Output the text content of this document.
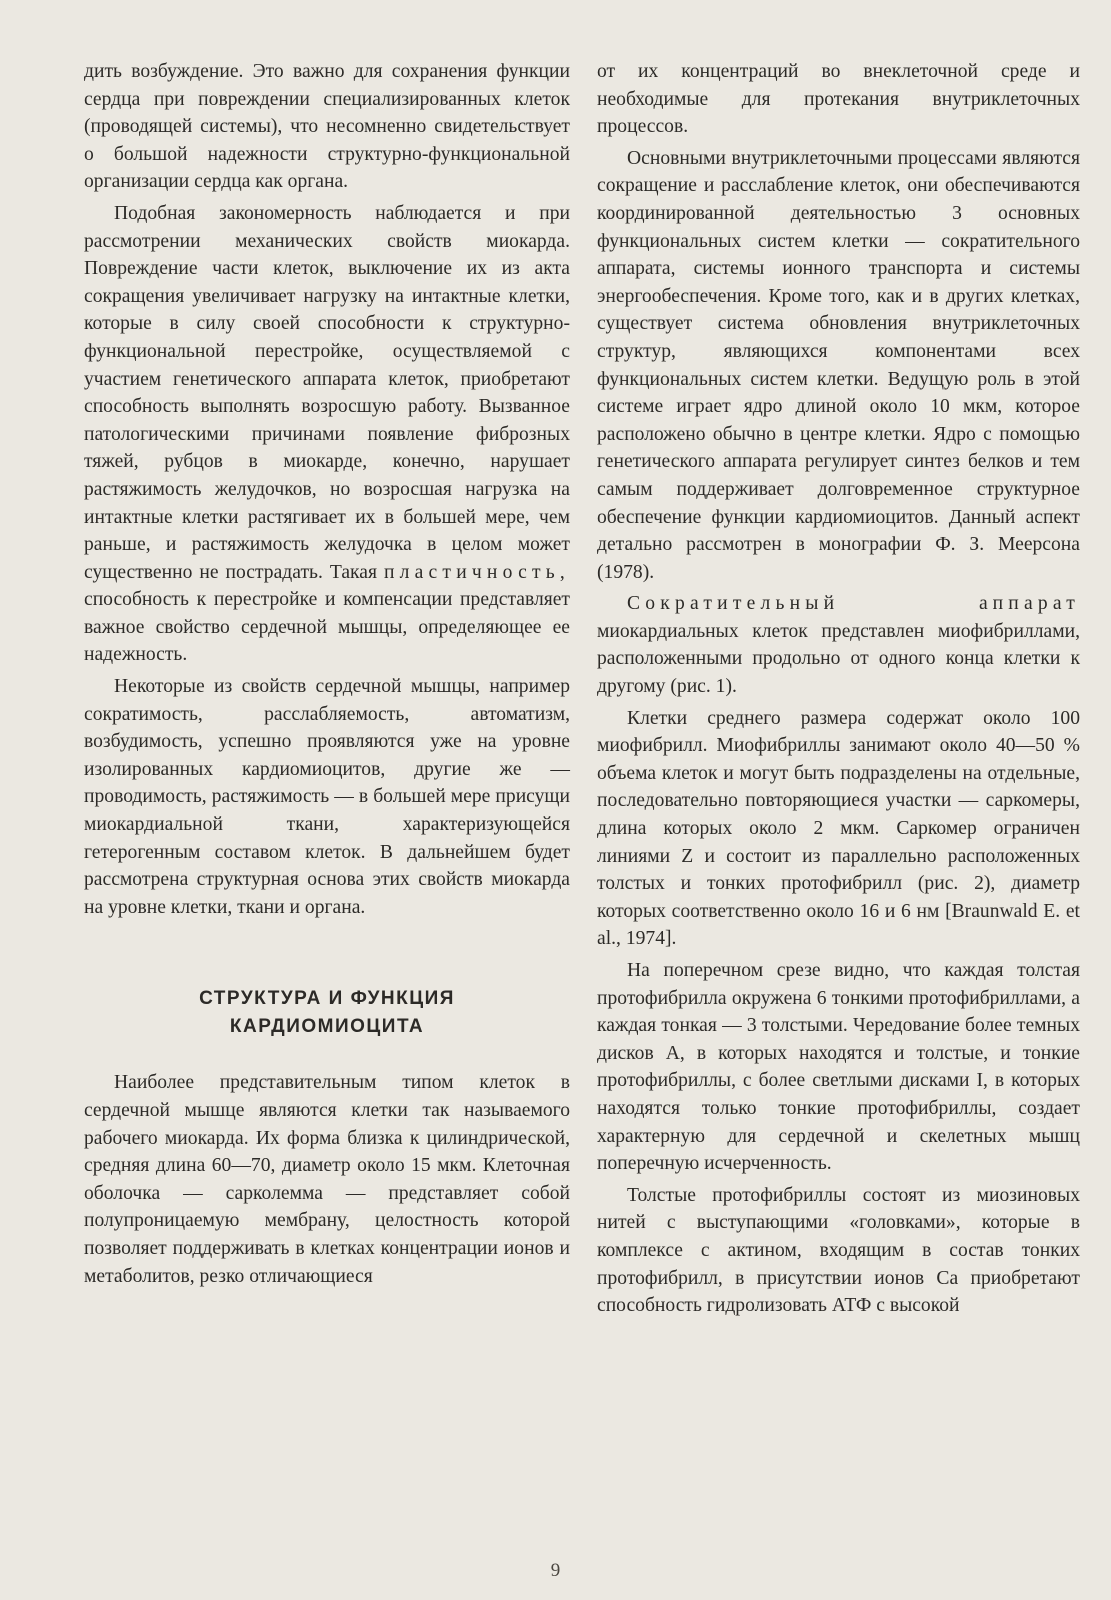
дить возбуждение. Это важно для сохранения функции сердца при повреждении специализированных клеток (проводящей системы), что несомненно свидетельствует о большой надежности структурно-функциональной организации сердца как органа.

Подобная закономерность наблюдается и при рассмотрении механических свойств миокарда. Повреждение части клеток, выключение их из акта сокращения увеличивает нагрузку на интактные клетки, которые в силу своей способности к структурно-функциональной перестройке, осуществляемой с участием генетического аппарата клеток, приобретают способность выполнять возросшую работу. Вызванное патологическими причинами появление фиброзных тяжей, рубцов в миокарде, конечно, нарушает растяжимость желудочков, но возросшая нагрузка на интактные клетки растягивает их в большей мере, чем раньше, и растяжимость желудочка в целом может существенно не пострадать. Такая пластичность, способность к перестройке и компенсации представляет важное свойство сердечной мышцы, определяющее ее надежность.

Некоторые из свойств сердечной мышцы, например сократимость, расслабляемость, автоматизм, возбудимость, успешно проявляются уже на уровне изолированных кардиомиоцитов, другие же — проводимость, растяжимость — в большей мере присущи миокардиальной ткани, характеризующейся гетерогенным составом клеток. В дальнейшем будет рассмотрена структурная основа этих свойств миокарда на уровне клетки, ткани и органа.

СТРУКТУРА И ФУНКЦИЯ
КАРДИОМИОЦИТА

Наиболее представительным типом клеток в сердечной мышце являются клетки так называемого рабочего миокарда. Их форма близка к цилиндрической, средняя длина 60—70, диаметр около 15 мкм. Клеточная оболочка — сарколемма — представляет собой полупроницаемую мембрану, целостность которой позволяет поддерживать в клетках концентрации ионов и метаболитов, резко отличающиеся

от их концентраций во внеклеточной среде и необходимые для протекания внутриклеточных процессов.

Основными внутриклеточными процессами являются сокращение и расслабление клеток, они обеспечиваются координированной деятельностью 3 основных функциональных систем клетки — сократительного аппарата, системы ионного транспорта и системы энергообеспечения. Кроме того, как и в других клетках, существует система обновления внутриклеточных структур, являющихся компонентами всех функциональных систем клетки. Ведущую роль в этой системе играет ядро длиной около 10 мкм, которое расположено обычно в центре клетки. Ядро с помощью генетического аппарата регулирует синтез белков и тем самым поддерживает долговременное структурное обеспечение функции кардиомиоцитов. Данный аспект детально рассмотрен в монографии Ф. З. Меерсона (1978).

Сократительный аппарат миокардиальных клеток представлен миофибриллами, расположенными продольно от одного конца клетки к другому (рис. 1).

Клетки среднего размера содержат около 100 миофибрилл. Миофибриллы занимают около 40—50 % объема клеток и могут быть подразделены на отдельные, последовательно повторяющиеся участки — саркомеры, длина которых около 2 мкм. Саркомер ограничен линиями Z и состоит из параллельно расположенных толстых и тонких протофибрилл (рис. 2), диаметр которых соответственно около 16 и 6 нм [Braunwald E. et al., 1974].

На поперечном срезе видно, что каждая толстая протофибрилла окружена 6 тонкими протофибриллами, а каждая тонкая — 3 толстыми. Чередование более темных дисков А, в которых находятся и толстые, и тонкие протофибриллы, с более светлыми дисками I, в которых находятся только тонкие протофибриллы, создает характерную для сердечной и скелетных мышц поперечную исчерченность.

Толстые протофибриллы состоят из миозиновых нитей с выступающими «головками», которые в комплексе с актином, входящим в состав тонких протофибрилл, в присутствии ионов Са приобретают способность гидролизовать АТФ с высокой

9
